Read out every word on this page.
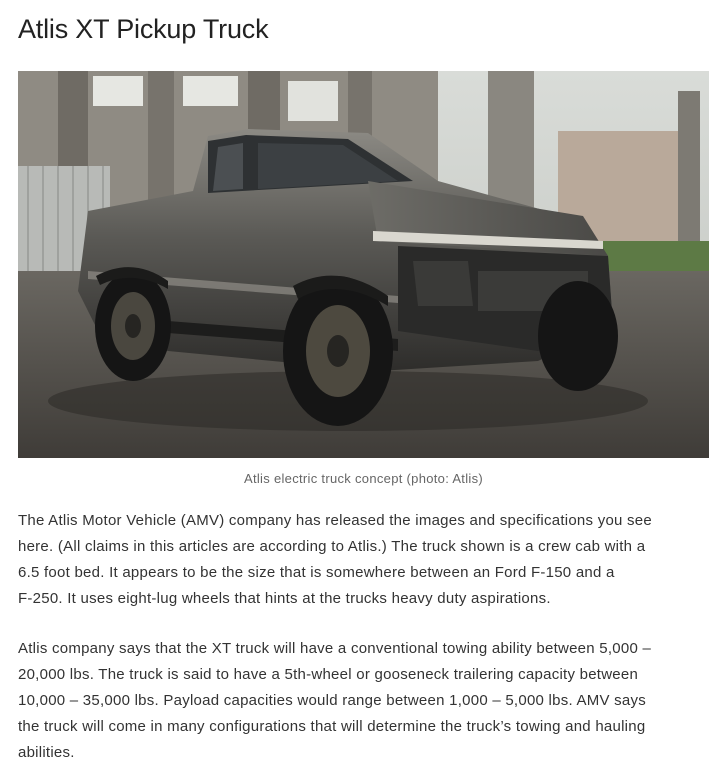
Atlis XT Pickup Truck
Atlis electric truck concept (photo: Atlis)

The Atlis Motor Vehicle (AMV) company has released the images and specifications you see
here. (All claims in this articles are according to Atlis.) The truck shown is a crew cab with a
6.5 foot bed. It appears to be the size that is somewhere between an Ford F-150 and a
F-250. It uses eight-lug wheels that hints at the trucks heavy duty aspirations.

Atlis company says that the XT truck will have a conventional towing ability between 5,000 –
20,000 lbs. The truck is said to have a 5th-wheel or gooseneck trailering capacity between
10,000 – 35,000 lbs. Payload capacities would range between 1,000 – 5,000 lbs. AMV says
the truck will come in many configurations that will determine the truck’s towing and hauling
abilities.
